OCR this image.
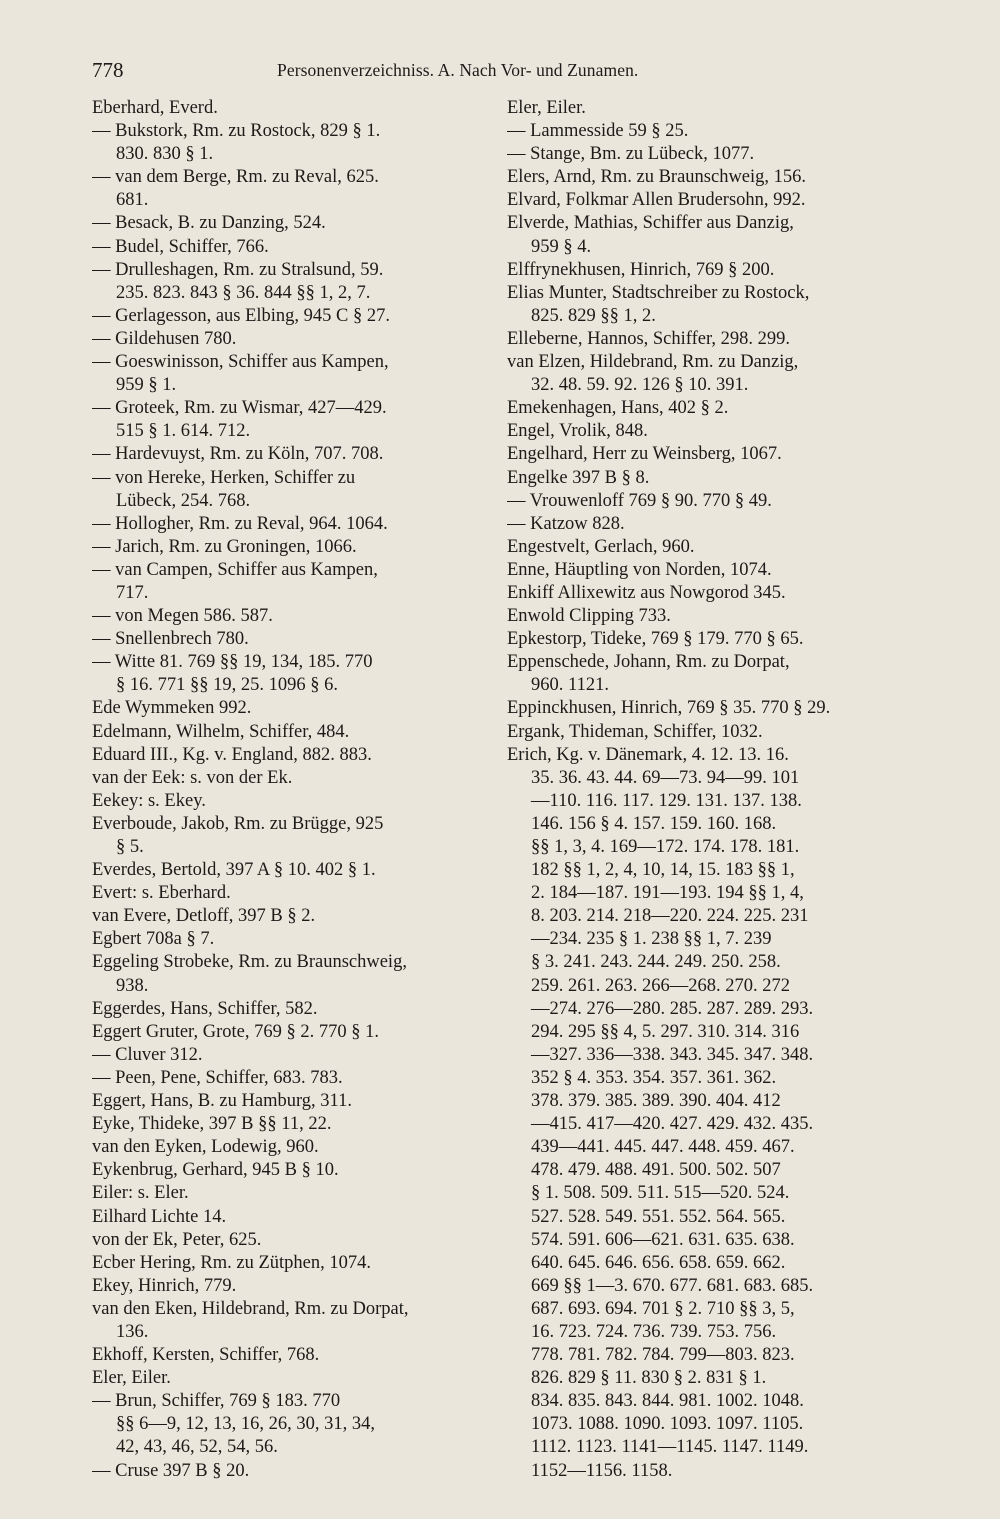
778	Personenverzeichniss. A. Nach Vor- und Zunamen.
Eberhard, Everd.
— Bukstork, Rm. zu Rostock, 829 § 1.
830. 830 § 1.
— van dem Berge, Rm. zu Reval, 625.
681.
— Besack, B. zu Danzing, 524.
— Budel, Schiffer, 766.
— Drulleshagen, Rm. zu Stralsund, 59.
235. 823. 843 § 36. 844 §§ 1, 2, 7.
— Gerlagesson, aus Elbing, 945 C § 27.
— Gildehusen 780.
— Goeswinisson, Schiffer aus Kampen,
959 § 1.
— Groteek, Rm. zu Wismar, 427—429.
515 § 1. 614. 712.
— Hardevuyst, Rm. zu Köln, 707. 708.
— von Hereke, Herken, Schiffer zu
Lübeck, 254. 768.
— Hollogher, Rm. zu Reval, 964. 1064.
— Jarich, Rm. zu Groningen, 1066.
— van Campen, Schiffer aus Kampen,
717.
— von Megen 586. 587.
— Snellenbrech 780.
— Witte 81. 769 §§ 19, 134, 185. 770
§ 16. 771 §§ 19, 25. 1096 § 6.
Ede Wymmeken 992.
Edelmann, Wilhelm, Schiffer, 484.
Eduard III., Kg. v. England, 882. 883.
van der Eek: s. von der Ek.
Eekey: s. Ekey.
Everboude, Jakob, Rm. zu Brügge, 925
§ 5.
Everdes, Bertold, 397 A § 10. 402 § 1.
Evert: s. Eberhard.
van Evere, Detloff, 397 B § 2.
Egbert 708a § 7.
Eggeling Strobeke, Rm. zu Braunschweig,
938.
Eggerdes, Hans, Schiffer, 582.
Eggert Gruter, Grote, 769 § 2. 770 § 1.
— Cluver 312.
— Peen, Pene, Schiffer, 683. 783.
Eggert, Hans, B. zu Hamburg, 311.
Eyke, Thideke, 397 B §§ 11, 22.
van den Eyken, Lodewig, 960.
Eykenbrug, Gerhard, 945 B § 10.
Eiler: s. Eler.
Eilhard Lichte 14.
von der Ek, Peter, 625.
Ecber Hering, Rm. zu Zütphen, 1074.
Ekey, Hinrich, 779.
van den Eken, Hildebrand, Rm. zu Dorpat,
136.
Ekhoff, Kersten, Schiffer, 768.
Eler, Eiler.
— Brun, Schiffer, 769 § 183. 770
§§ 6—9, 12, 13, 16, 26, 30, 31, 34,
42, 43, 46, 52, 54, 56.
— Cruse 397 B § 20.
Eler, Eiler.
— Lammesside 59 § 25.
— Stange, Bm. zu Lübeck, 1077.
Elers, Arnd, Rm. zu Braunschweig, 156.
Elvard, Folkmar Allen Brudersohn, 992.
Elverde, Mathias, Schiffer aus Danzig,
959 § 4.
Elffrynekhusen, Hinrich, 769 § 200.
Elias Munter, Stadtschreiber zu Rostock,
825. 829 §§ 1, 2.
Elleberne, Hannos, Schiffer, 298. 299.
van Elzen, Hildebrand, Rm. zu Danzig,
32. 48. 59. 92. 126 § 10. 391.
Emekenhagen, Hans, 402 § 2.
Engel, Vrolik, 848.
Engelhard, Herr zu Weinsberg, 1067.
Engelke 397 B § 8.
— Vrouwenloff 769 § 90. 770 § 49.
— Katzow 828.
Engestvelt, Gerlach, 960.
Enne, Häuptling von Norden, 1074.
Enkiff Allixewitz aus Nowgorod 345.
Enwold Clipping 733.
Epkestorp, Tideke, 769 § 179. 770 § 65.
Eppenschede, Johann, Rm. zu Dorpat,
960. 1121.
Eppinckhusen, Hinrich, 769 § 35. 770 § 29.
Ergank, Thideman, Schiffer, 1032.
Erich, Kg. v. Dänemark, 4. 12. 13. 16.
35. 36. 43. 44. 69—73. 94—99. 101
—110. 116. 117. 129. 131. 137. 138.
146. 156 § 4. 157. 159. 160. 168.
§§ 1, 3, 4. 169—172. 174. 178. 181.
182 §§ 1, 2, 4, 10, 14, 15. 183 §§ 1,
2. 184—187. 191—193. 194 §§ 1, 4,
8. 203. 214. 218—220. 224. 225. 231
—234. 235 § 1. 238 §§ 1, 7. 239
§ 3. 241. 243. 244. 249. 250. 258.
259. 261. 263. 266—268. 270. 272
—274. 276—280. 285. 287. 289. 293.
294. 295 §§ 4, 5. 297. 310. 314. 316
—327. 336—338. 343. 345. 347. 348.
352 § 4. 353. 354. 357. 361. 362.
378. 379. 385. 389. 390. 404. 412
—415. 417—420. 427. 429. 432. 435.
439—441. 445. 447. 448. 459. 467.
478. 479. 488. 491. 500. 502. 507
§ 1. 508. 509. 511. 515—520. 524.
527. 528. 549. 551. 552. 564. 565.
574. 591. 606—621. 631. 635. 638.
640. 645. 646. 656. 658. 659. 662.
669 §§ 1—3. 670. 677. 681. 683. 685.
687. 693. 694. 701 § 2. 710 §§ 3, 5,
16. 723. 724. 736. 739. 753. 756.
778. 781. 782. 784. 799—803. 823.
826. 829 § 11. 830 § 2. 831 § 1.
834. 835. 843. 844. 981. 1002. 1048.
1073. 1088. 1090. 1093. 1097. 1105.
1112. 1123. 1141—1145. 1147. 1149.
1152—1156. 1158.
